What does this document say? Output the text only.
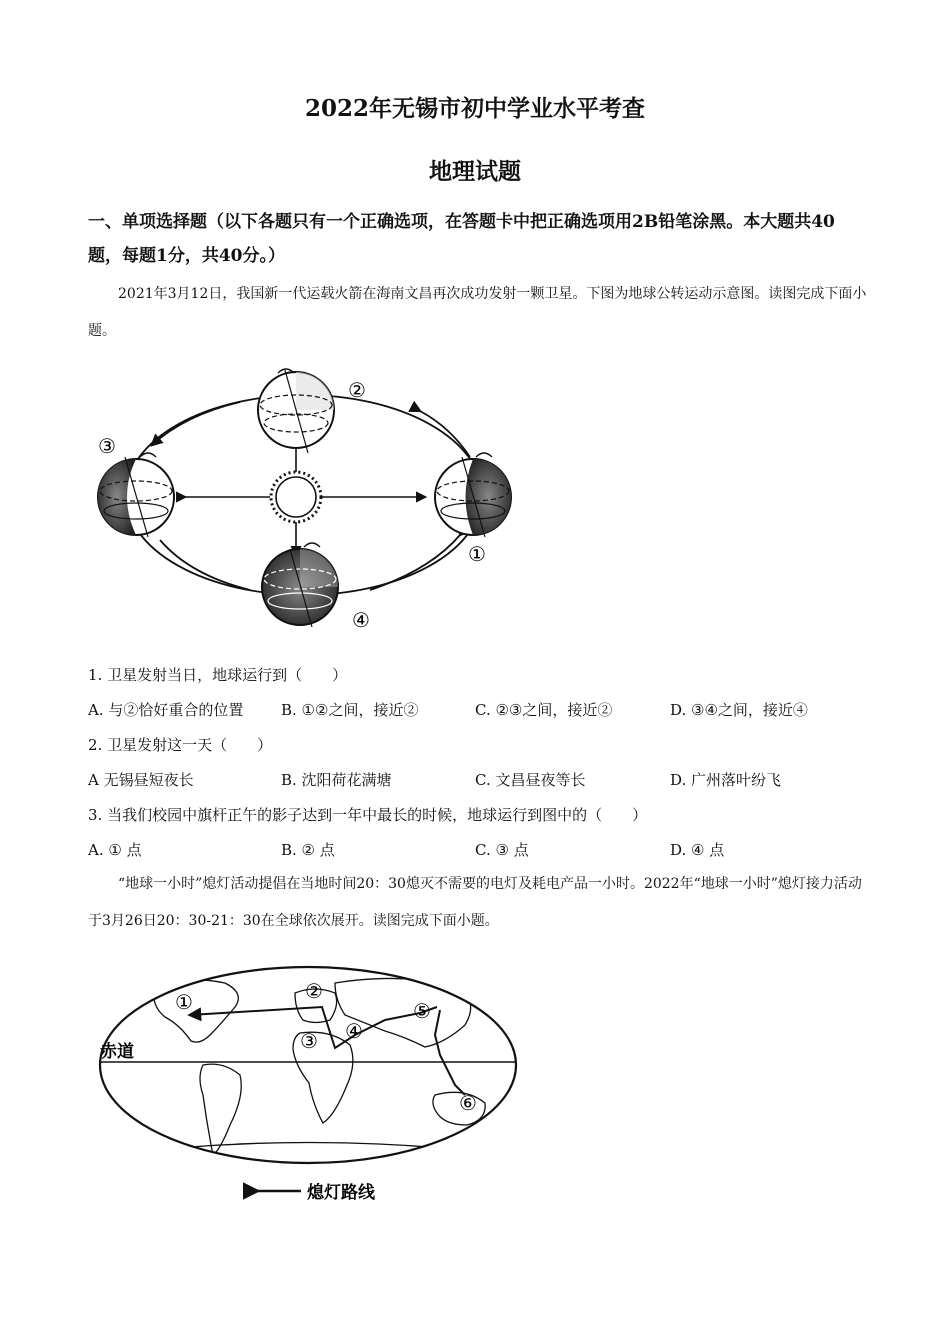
2022年无锡市初中学业水平考查
地理试题
一、单项选择题（以下各题只有一个正确选项，在答题卡中把正确选项用2B铅笔涂黑。本大题共40题，每题1分，共40分。）
2021年3月12日，我国新一代运载火箭在海南文昌再次成功发射一颗卫星。下图为地球公转运动示意图。读图完成下面小题。
②
③
①
④
1. 卫星发射当日，地球运行到（　　）
A. 与②恰好重合的位置	B. ①②之间，接近②	C. ②③之间，接近②	D. ③④之间，接近④
2. 卫星发射这一天（　　）
A 无锡昼短夜长	B. 沈阳荷花满塘	C. 文昌昼夜等长	D. 广州落叶纷飞
3. 当我们校园中旗杆正午的影子达到一年中最长的时候，地球运行到图中的（　　）
A. ① 点	B. ② 点	C. ③ 点	D. ④ 点
“地球一小时”熄灯活动提倡在当地时间20：30熄灭不需要的电灯及耗电产品一小时。2022年“地球一小时”熄灯接力活动于3月26日20：30-21：30在全球依次展开。读图完成下面小题。
赤道
①	②
③ ④
⑤
⑥
熄灯路线
